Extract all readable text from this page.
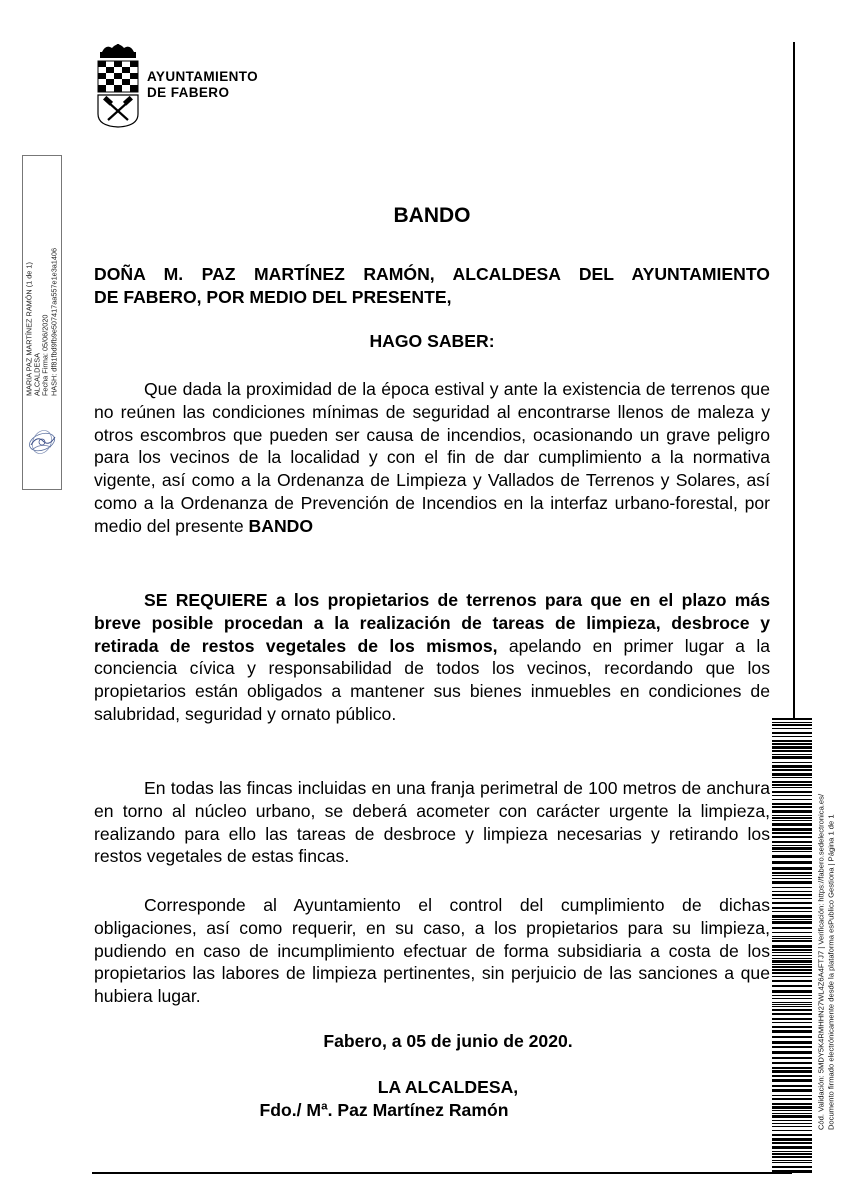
AYUNTAMIENTO
DE FABERO
MARIA PAZ MARTÍNEZ RAMÓN (1 de 1) ALCALDESA Fecha Firma: 05/06/2020 HASH: df81fbd9fb9e507417aa557e1e3a1406
Cód. Validación: 5MDY5K4RMHHN27WL4Z6A4FTJ7 | Verificación: https://fabero.sedelectronica.es/ Documento firmado electrónicamente desde la plataforma esPublico Gestiona | Página 1 de 1
BANDO
DOÑA M. PAZ MARTÍNEZ RAMÓN, ALCALDESA DEL AYUNTAMIENTO
DE FABERO, POR MEDIO DEL PRESENTE,
HAGO SABER:
Que dada la proximidad de la época estival y ante la existencia de terrenos que no reúnen las condiciones mínimas de seguridad al encontrarse llenos de maleza y otros escombros que pueden ser causa de incendios, ocasionando un grave peligro para los vecinos de la localidad y con el fin de dar cumplimiento a la normativa vigente, así como a la Ordenanza de Limpieza y Vallados de Terrenos y Solares, así como a la Ordenanza de Prevención de Incendios en la interfaz urbano-forestal, por medio del presente BANDO
SE REQUIERE a los propietarios de terrenos para que en el plazo más breve posible procedan a la realización de tareas de limpieza, desbroce y retirada de restos vegetales de los mismos, apelando en primer lugar a la conciencia cívica y responsabilidad de todos los vecinos, recordando que los propietarios están obligados a mantener sus bienes inmuebles en condiciones de salubridad, seguridad y ornato público.
En todas las fincas incluidas en una franja perimetral de 100 metros de anchura en torno al núcleo urbano, se deberá acometer con carácter urgente la limpieza, realizando para ello las tareas de desbroce y limpieza necesarias y retirando los restos vegetales de estas fincas.
Corresponde al Ayuntamiento el control del cumplimiento de dichas obligaciones, así como requerir, en su caso, a los propietarios para su limpieza, pudiendo en caso de incumplimiento efectuar de forma subsidiaria a costa de los propietarios las labores de limpieza pertinentes, sin perjuicio de las sanciones a que hubiera lugar.
Fabero, a 05 de junio de 2020.
LA ALCALDESA,
Fdo./ Mª. Paz Martínez Ramón
